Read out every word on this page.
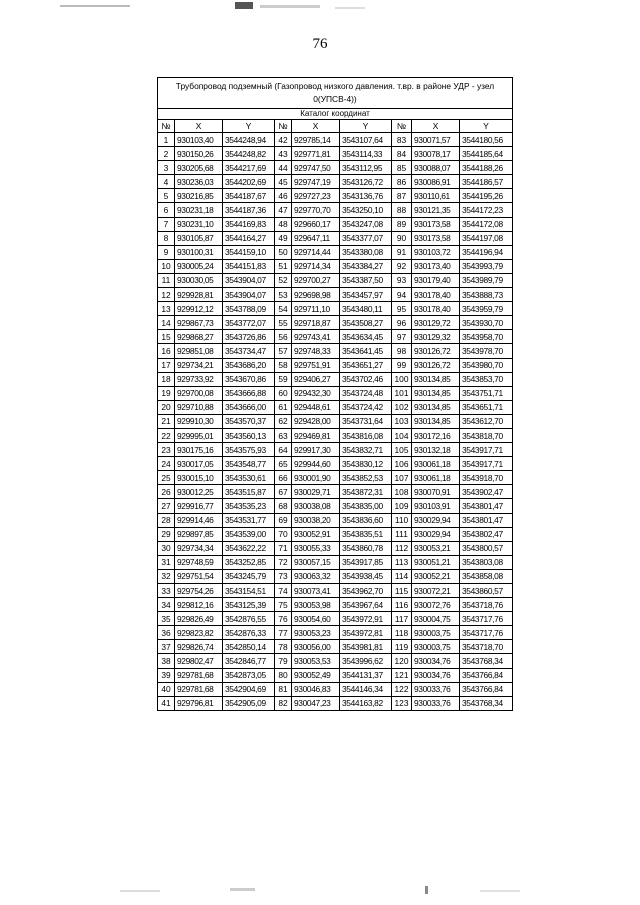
76
Трубопровод подземный (Газопровод низкого давления. т.вр. в районе УДР - узел 0(УПСВ-4))								
Каталог координат								
№	X	Y	№	X	Y	№	X	Y
1	930103,40	3544248,94	42	929785,14	3543107,64	83	930071,57	3544180,56
2	930150,26	3544248,82	43	929771,81	3543114,33	84	930078,17	3544185,64
3	930205,68	3544217,69	44	929747,50	3543112,95	85	930088,07	3544188,26
4	930236,03	3544202,69	45	929747,19	3543126,72	86	930086,91	3544186,57
5	930216,85	3544187,67	46	929727,23	3543136,76	87	930110,61	3544195,26
6	930231,18	3544187,36	47	929770,70	3543250,10	88	930121,35	3544172,23
7	930231,10	3544169,83	48	929660,17	3543247,08	89	930173,58	3544172,08
8	930105,87	3544164,27	49	929647,11	3543377,07	90	930173,58	3544197,08
9	930100,31	3544159,10	50	929714,44	3543380,08	91	930103,72	3544196,94
10	930005,24	3544151,83	51	929714,34	3543384,27	92	930173,40	3543993,79
11	930030,05	3543904,07	52	929700,27	3543387,50	93	930179,40	3543989,79
12	929928,81	3543904,07	53	929698,98	3543457,97	94	930178,40	3543888,73
13	929912,12	3543788,09	54	929711,10	3543480,11	95	930178,40	3543959,79
14	929867,73	3543772,07	55	929718,87	3543508,27	96	930129,72	3543930,70
15	929868,27	3543726,86	56	929743,41	3543634,45	97	930129,32	3543958,70
16	929851,08	3543734,47	57	929748,33	3543641,45	98	930126,72	3543978,70
17	929734,21	3543686,20	58	929751,91	3543651,27	99	930126,72	3543980,70
18	929733,92	3543670,86	59	929406,27	3543702,46	100	930134,85	3543853,70
19	929700,08	3543666,88	60	929432,30	3543724,48	101	930134,85	3543751,71
20	929710,88	3543666,00	61	929448,61	3543724,42	102	930134,85	3543651,71
21	929910,30	3543570,37	62	929428,00	3543731,64	103	930134,85	3543612,70
22	929995,01	3543560,13	63	929469,81	3543816,08	104	930172,16	3543818,70
23	930175,16	3543575,93	64	929917,30	3543832,71	105	930132,18	3543917,71
24	930017,05	3543548,77	65	929944,60	3543830,12	106	930061,18	3543917,71
25	930015,10	3543530,61	66	930001,90	3543852,53	107	930061,18	3543918,70
26	930012,25	3543515,87	67	930029,71	3543872,31	108	930070,91	3543902,47
27	929916,77	3543535,23	68	930038,08	3543835,00	109	930103,91	3543801,47
28	929914,46	3543531,77	69	930038,20	3543836,60	110	930029,94	3543801,47
29	929897,85	3543539,00	70	930052,91	3543835,51	111	930029,94	3543802,47
30	929734,34	3543622,22	71	930055,33	3543860,78	112	930053,21	3543800,57
31	929748,59	3543252,85	72	930057,15	3543917,85	113	930051,21	3543803,08
32	929751,54	3543245,79	73	930063,32	3543938,45	114	930052,21	3543858,08
33	929754,26	3543154,51	74	930073,41	3543962,70	115	930072,21	3543860,57
34	929812,16	3543125,39	75	930053,98	3543967,64	116	930072,76	3543718,76
35	929826,49	3542876,55	76	930054,60	3543972,91	117	930004,75	3543717,76
36	929823,82	3542876,33	77	930053,23	3543972,81	118	930003,75	3543717,76
37	929826,74	3542850,14	78	930056,00	3543981,81	119	930003,75	3543718,70
38	929802,47	3542846,77	79	930053,53	3543996,62	120	930034,76	3543768,34
39	929781,68	3542873,05	80	930052,49	3544131,37	121	930034,76	3543766,84
40	929781,68	3542904,69	81	930046,83	3544146,34	122	930033,76	3543766,84
41	929796,81	3542905,09	82	930047,23	3544163,82	123	930033,76	3543768,34
